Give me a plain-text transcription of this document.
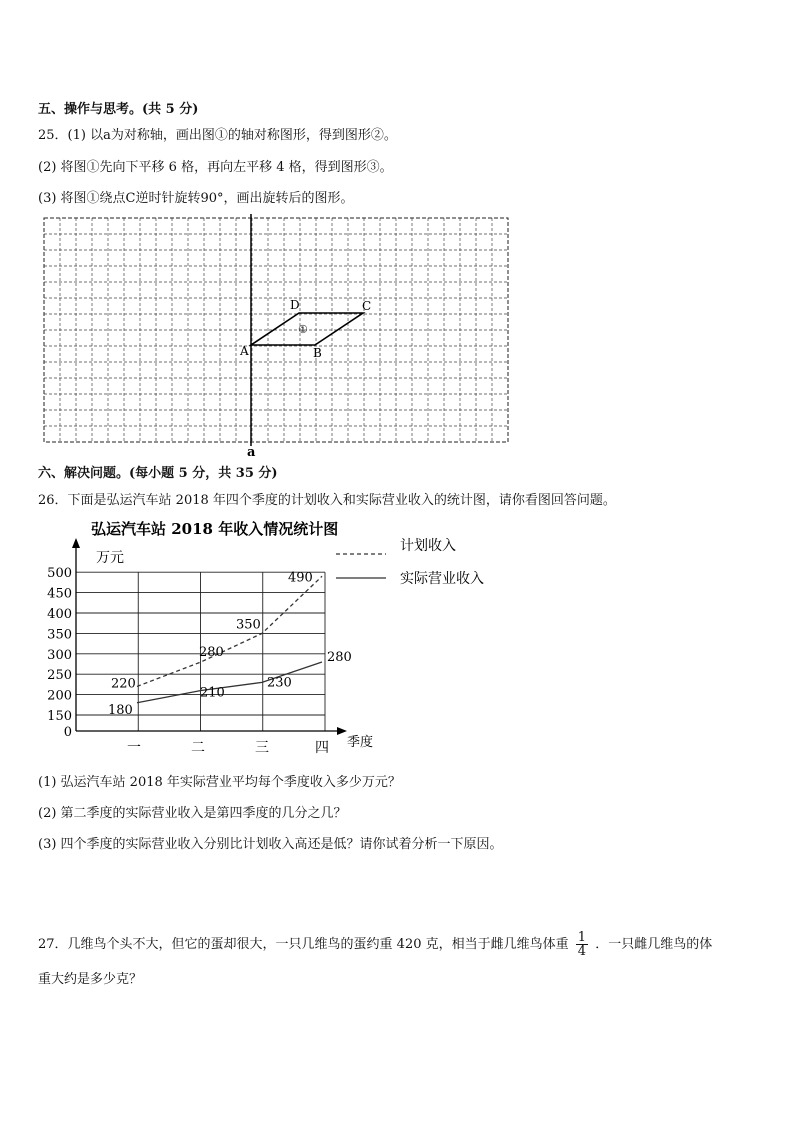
五、操作与思考。(共 5 分)
25．(1) 以a为对称轴，画出图①的轴对称图形，得到图形②。
(2) 将图①先向下平移 6 格，再向左平移 4 格，得到图形③。
(3) 将图①绕点C逆时针旋转90°，画出旋转后的图形。
A	B
C
D
①
a
六、解决问题。(每小题 5 分，共 35 分)
26．下面是弘运汽车站 2018 年四个季度的计划收入和实际营业收入的统计图，请你看图回答问题。
弘运汽车站 2018 年收入情况统计图
万元
季度
计划收入
实际营业收入
0
150
200
250
300
350
400
450
500
一	二	三	四
220
280
350
490
180
210
230
280
(1) 弘运汽车站 2018 年实际营业平均每个季度收入多少万元？
(2) 第二季度的实际营业收入是第四季度的几分之几？
(3) 四个季度的实际营业收入分别比计划收入高还是低？请你试着分析一下原因。
27．几维鸟个头不大，但它的蛋却很大，一只几维鸟的蛋约重 420 克，相当于雌几维鸟体重 $\frac{1}{4}$ ．一只雌几维鸟的体
重大约是多少克？
